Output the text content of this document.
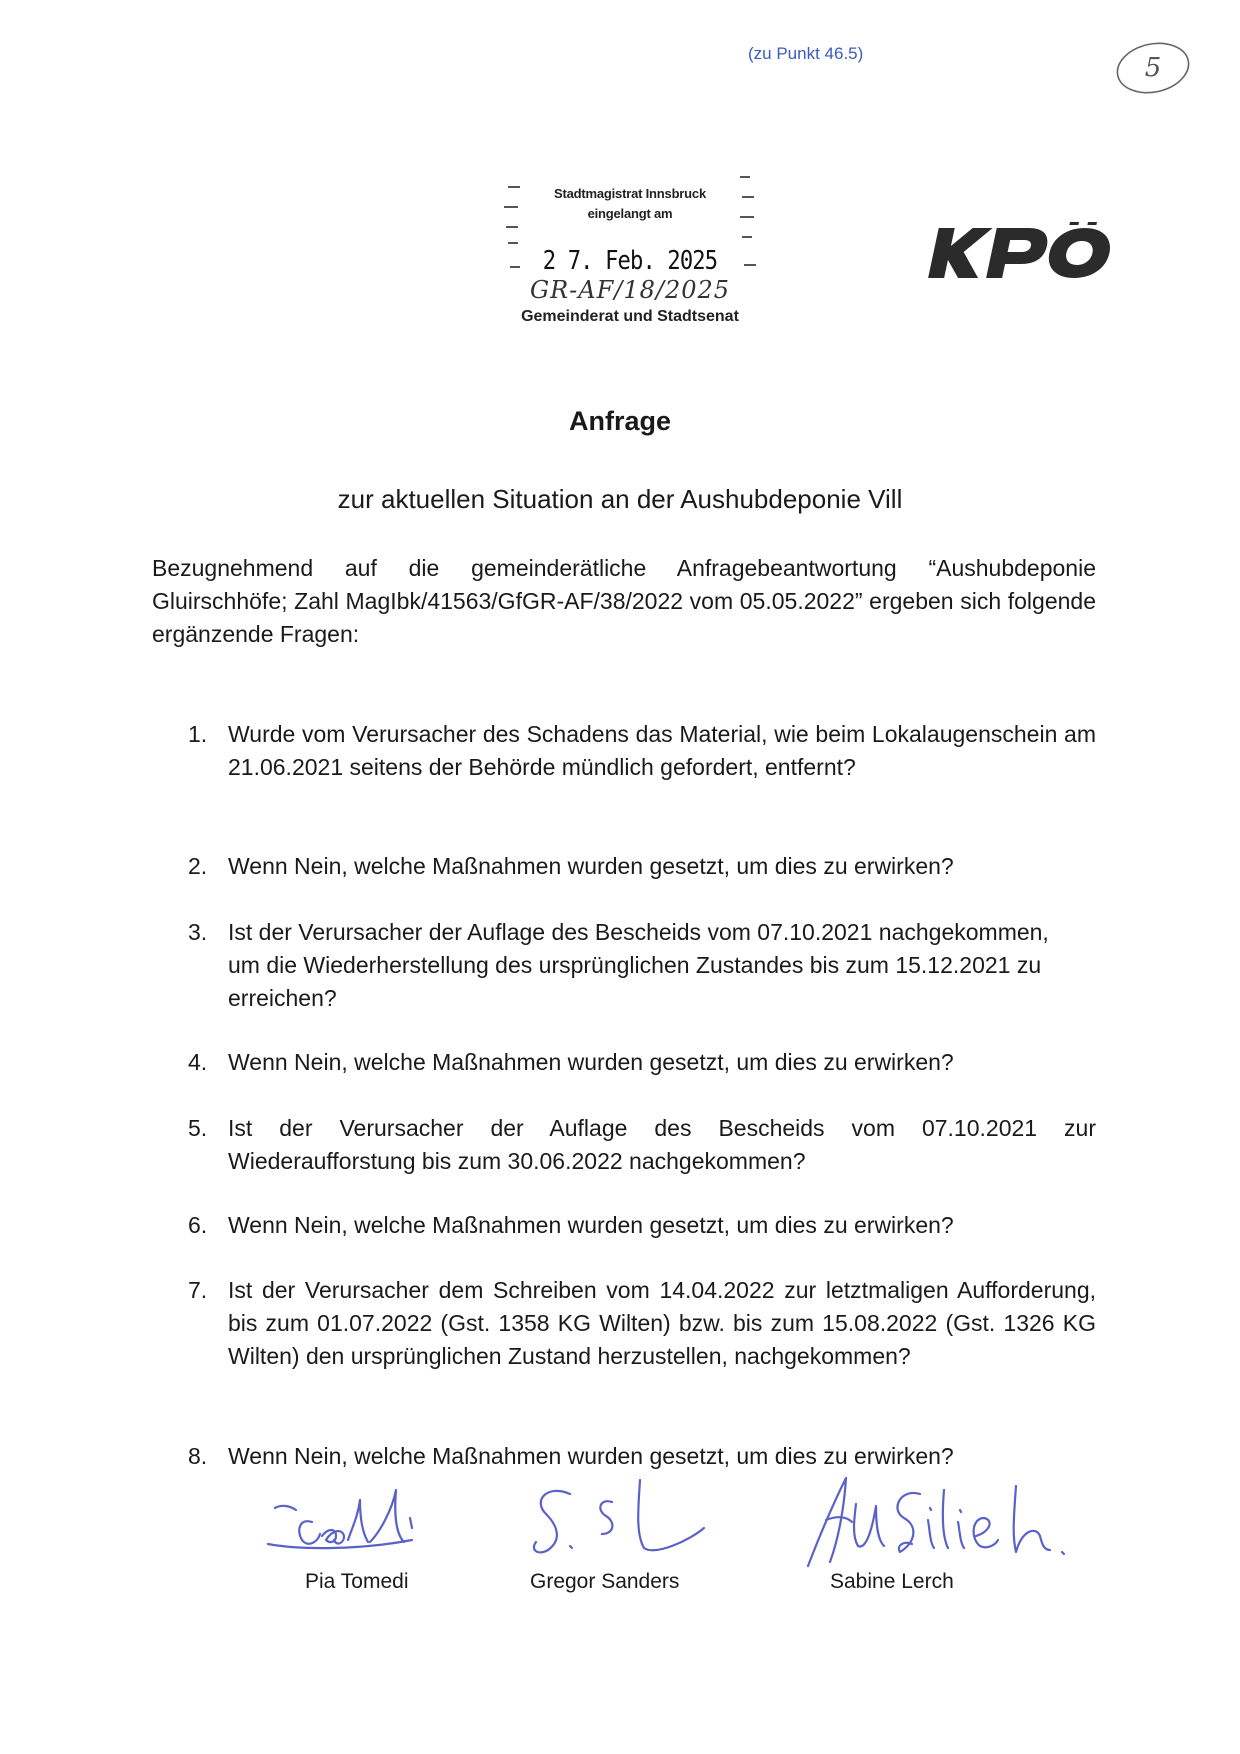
(zu Punkt 46.5)	5
Stadtmagistrat Innsbruck
eingelangt am
2 7. Feb. 2025
GR-AF/18/2025
Gemeinderat und Stadtsenat
Anfrage
zur aktuellen Situation an der Aushubdeponie Vill
Bezugnehmend auf die gemeinderätliche Anfragebeantwortung “Aushubdeponie Gluirschhöfe; Zahl MagIbk/41563/GfGR-AF/38/2022 vom 05.05.2022” ergeben sich folgende ergänzende Fragen:
1. Wurde vom Verursacher des Schadens das Material, wie beim Lokalaugenschein am 21.06.2021 seitens der Behörde mündlich gefordert, entfernt?
2. Wenn Nein, welche Maßnahmen wurden gesetzt, um dies zu erwirken?
3. Ist der Verursacher der Auflage des Bescheids vom 07.10.2021 nachgekommen, um die Wiederherstellung des ursprünglichen Zustandes bis zum 15.12.2021 zu erreichen?
4. Wenn Nein, welche Maßnahmen wurden gesetzt, um dies zu erwirken?
5. Ist der Verursacher der Auflage des Bescheids vom 07.10.2021 zur Wiederaufforstung bis zum 30.06.2022 nachgekommen?
6. Wenn Nein, welche Maßnahmen wurden gesetzt, um dies zu erwirken?
7. Ist der Verursacher dem Schreiben vom 14.04.2022 zur letztmaligen Aufforderung, bis zum 01.07.2022 (Gst. 1358 KG Wilten) bzw. bis zum 15.08.2022 (Gst. 1326 KG Wilten) den ursprünglichen Zustand herzustellen, nachgekommen?
8. Wenn Nein, welche Maßnahmen wurden gesetzt, um dies zu erwirken?
Pia Tomedi	Gregor Sanders	Sabine Lerch
